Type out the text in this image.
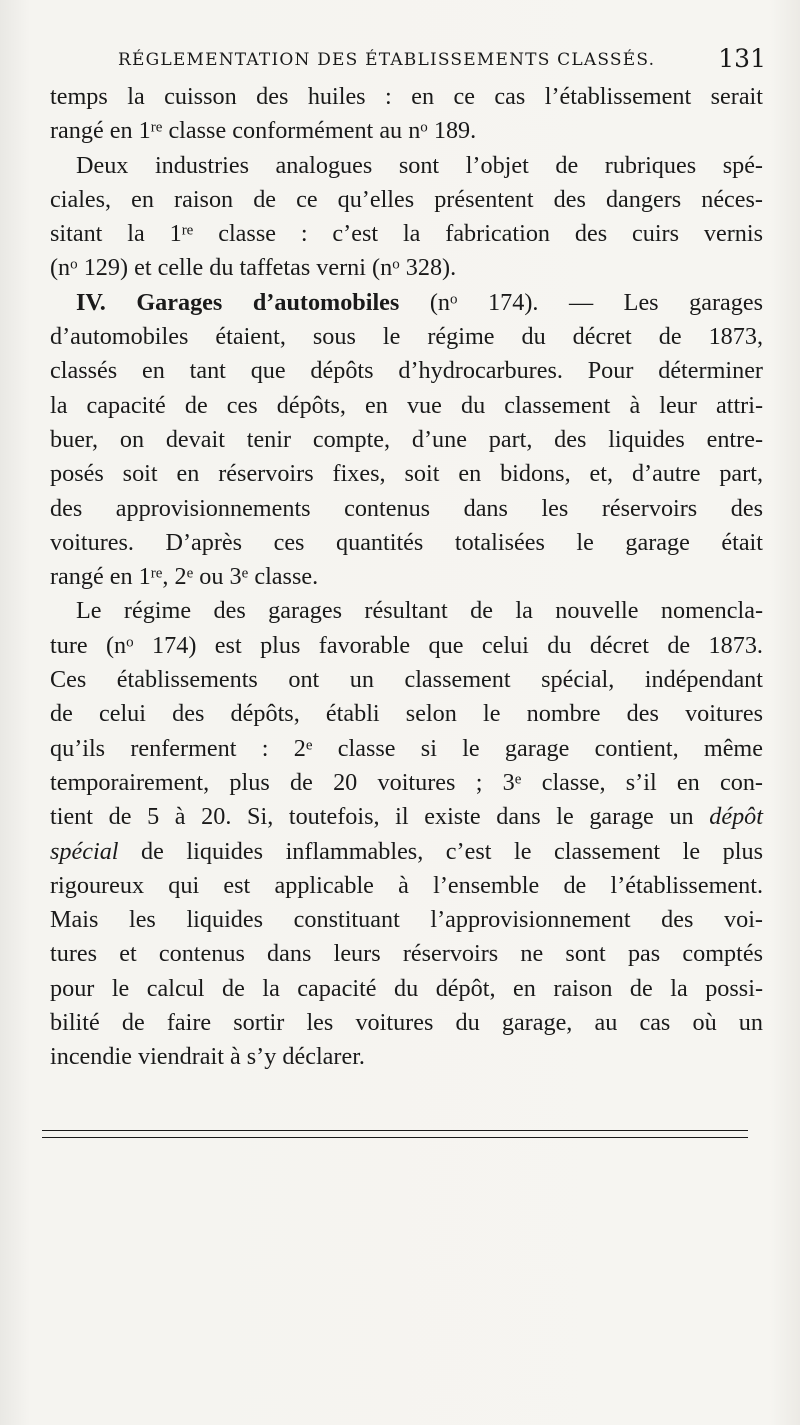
RÉGLEMENTATION DES ÉTABLISSEMENTS CLASSÉS.	131
temps la cuisson des huiles : en ce cas l’établissement serait
rangé en 1re classe conformément au $n^o$ 189.
Deux industries analogues sont l’objet de rubriques spé-
ciales, en raison de ce qu’elles présentent des dangers néces-
sitant la 1re classe : c’est la fabrication des cuirs vernis
($n^o$ 129) et celle du taffetas verni ($n^o$ 328).
IV. Garages d’automobiles ($n^o$ 174). — Les garages
d’automobiles étaient, sous le régime du décret de 1873,
classés en tant que dépôts d’hydrocarbures. Pour déterminer
la capacité de ces dépôts, en vue du classement à leur attri-
buer, on devait tenir compte, d’une part, des liquides entre-
posés soit en réservoirs fixes, soit en bidons, et, d’autre part,
des approvisionnements contenus dans les réservoirs des
voitures. D’après ces quantités totalisées le garage était
rangé en 1re, 2e ou 3e classe.
Le régime des garages résultant de la nouvelle nomencla-
ture ($n^o$ 174) est plus favorable que celui du décret de 1873.
Ces établissements ont un classement spécial, indépendant
de celui des dépôts, établi selon le nombre des voitures
qu’ils renferment : 2e classe si le garage contient, même
temporairement, plus de 20 voitures ; 3e classe, s’il en con-
tient de 5 à 20. Si, toutefois, il existe dans le garage un dépôt
spécial de liquides inflammables, c’est le classement le plus
rigoureux qui est applicable à l’ensemble de l’établissement.
Mais les liquides constituant l’approvisionnement des voi-
tures et contenus dans leurs réservoirs ne sont pas comptés
pour le calcul de la capacité du dépôt, en raison de la possi-
bilité de faire sortir les voitures du garage, au cas où un
incendie viendrait à s’y déclarer.
